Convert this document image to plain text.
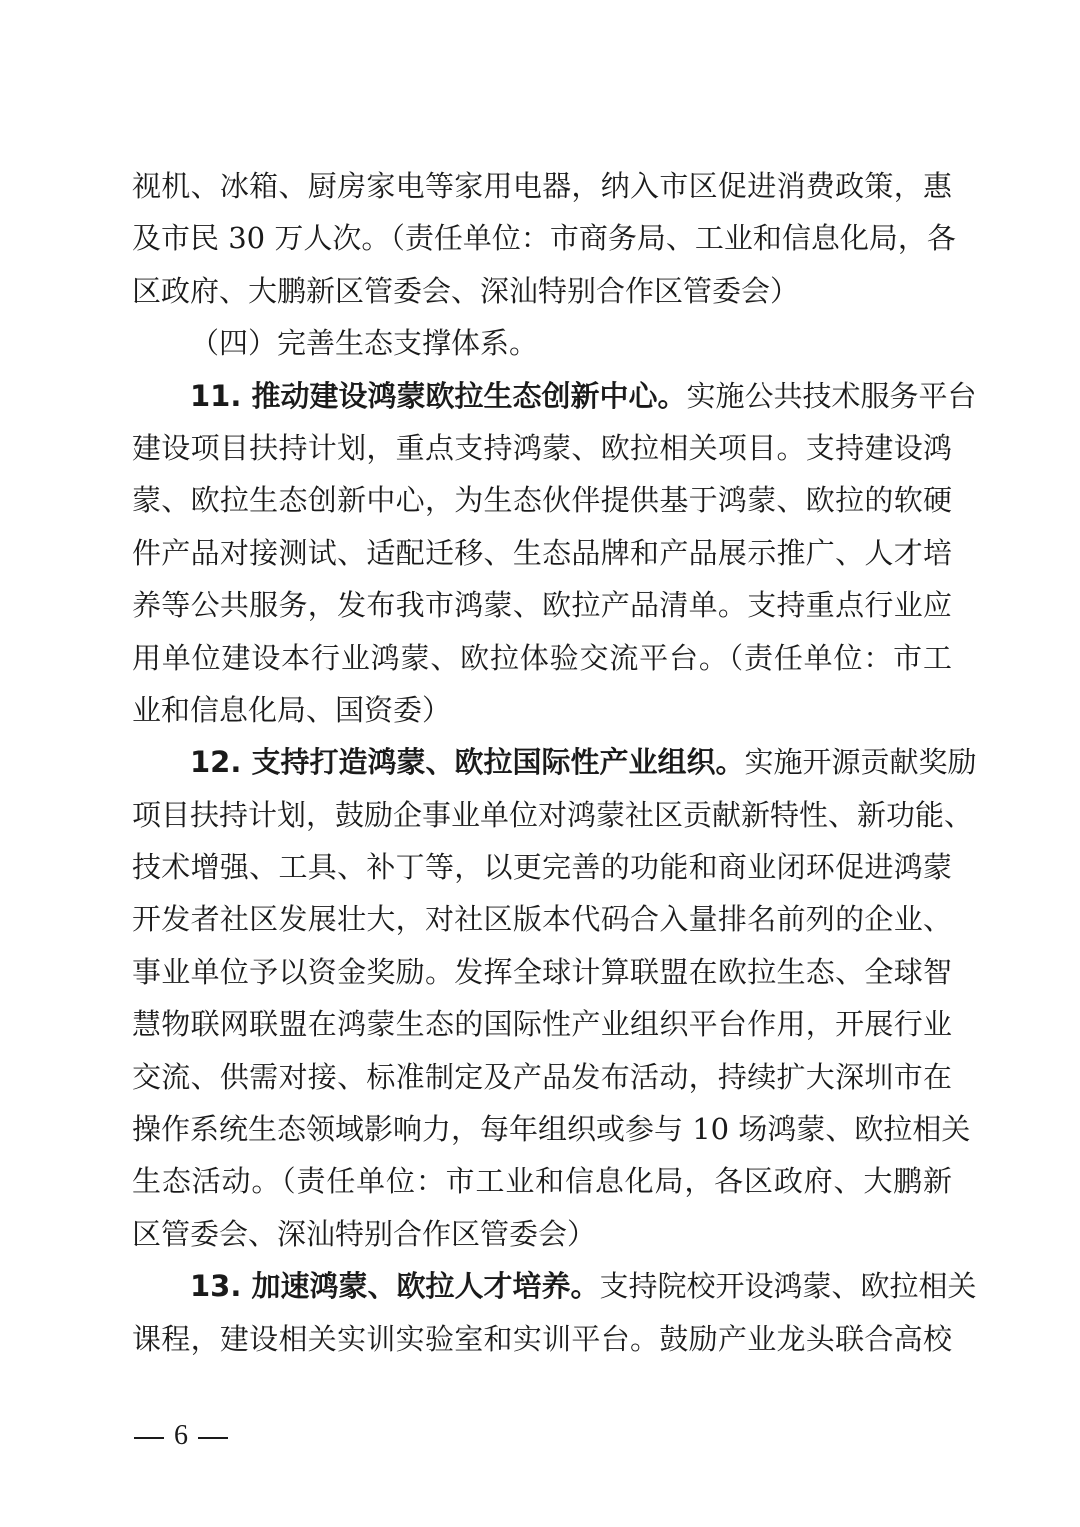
视机、冰箱、厨房家电等家用电器，纳入市区促进消费政策，惠
及市民 30 万人次。（责任单位：市商务局、工业和信息化局，各
区政府、大鹏新区管委会、深汕特别合作区管委会）
（四）完善生态支撑体系。
11. 推动建设鸿蒙欧拉生态创新中心。实施公共技术服务平台
建设项目扶持计划，重点支持鸿蒙、欧拉相关项目。支持建设鸿
蒙、欧拉生态创新中心，为生态伙伴提供基于鸿蒙、欧拉的软硬
件产品对接测试、适配迁移、生态品牌和产品展示推广、人才培
养等公共服务，发布我市鸿蒙、欧拉产品清单。支持重点行业应
用单位建设本行业鸿蒙、欧拉体验交流平台。（责任单位：市工
业和信息化局、国资委）
12. 支持打造鸿蒙、欧拉国际性产业组织。实施开源贡献奖励
项目扶持计划，鼓励企事业单位对鸿蒙社区贡献新特性、新功能、
技术增强、工具、补丁等，以更完善的功能和商业闭环促进鸿蒙
开发者社区发展壮大，对社区版本代码合入量排名前列的企业、
事业单位予以资金奖励。发挥全球计算联盟在欧拉生态、全球智
慧物联网联盟在鸿蒙生态的国际性产业组织平台作用，开展行业
交流、供需对接、标准制定及产品发布活动，持续扩大深圳市在
操作系统生态领域影响力，每年组织或参与 10 场鸿蒙、欧拉相关
生态活动。（责任单位：市工业和信息化局，各区政府、大鹏新
区管委会、深汕特别合作区管委会）
13. 加速鸿蒙、欧拉人才培养。支持院校开设鸿蒙、欧拉相关
课程，建设相关实训实验室和实训平台。鼓励产业龙头联合高校
6
